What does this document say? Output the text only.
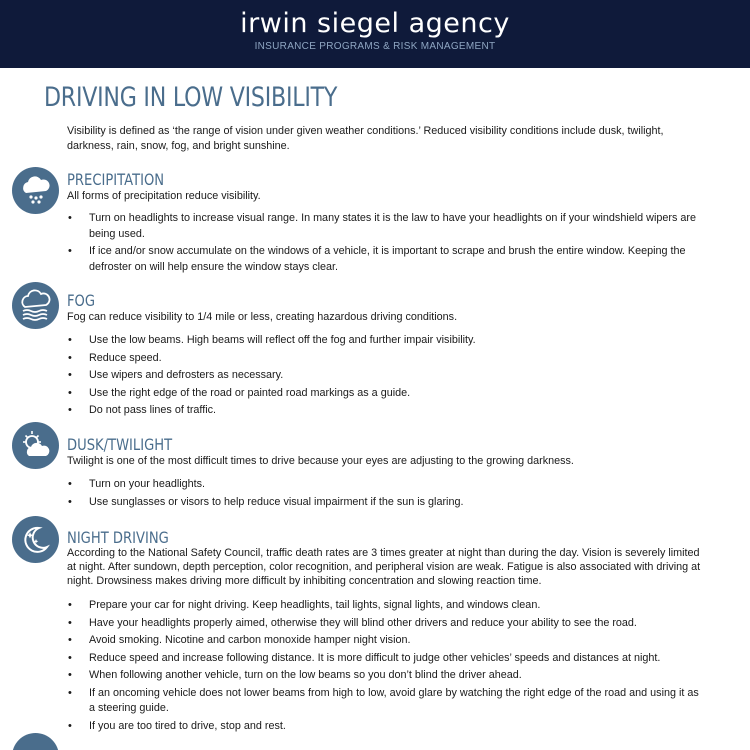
irwin siegel agency
INSURANCE PROGRAMS & RISK MANAGEMENT
DRIVING IN LOW VISIBILITY

Visibility is defined as ‘the range of vision under given weather conditions.’ Reduced visibility conditions include dusk, twilight, darkness, rain, snow, fog, and bright sunshine.

PRECIPITATION

All forms of precipitation reduce visibility.

• Turn on headlights to increase visual range. In many states it is the law to have your headlights on if your windshield wipers are being used.
• If ice and/or snow accumulate on the windows of a vehicle, it is important to scrape and brush the entire window. Keeping the defroster on will help ensure the window stays clear.
FOG

Fog can reduce visibility to 1/4 mile or less, creating hazardous driving conditions.

• Use the low beams. High beams will reflect off the fog and further impair visibility.
• Reduce speed.
• Use wipers and defrosters as necessary.
• Use the right edge of the road or painted road markings as a guide.
• Do not pass lines of traffic.
DUSK/TWILIGHT

Twilight is one of the most difficult times to drive because your eyes are adjusting to the growing darkness.

• Turn on your headlights.
• Use sunglasses or visors to help reduce visual impairment if the sun is glaring.
NIGHT DRIVING

According to the National Safety Council, traffic death rates are 3 times greater at night than during the day. Vision is severely limited at night. After sundown, depth perception, color recognition, and peripheral vision are weak. Fatigue is also associated with driving at night. Drowsiness makes driving more difficult by inhibiting concentration and slowing reaction time.

• Prepare your car for night driving. Keep headlights, tail lights, signal lights, and windows clean.
• Have your headlights properly aimed, otherwise they will blind other drivers and reduce your ability to see the road.
• Avoid smoking. Nicotine and carbon monoxide hamper night vision.
• Reduce speed and increase following distance. It is more difficult to judge other vehicles’ speeds and distances at night.
• When following another vehicle, turn on the low beams so you don’t blind the driver ahead.
• If an oncoming vehicle does not lower beams from high to low, avoid glare by watching the right edge of the road and using it as a steering guide.
• If you are too tired to drive, stop and rest.
